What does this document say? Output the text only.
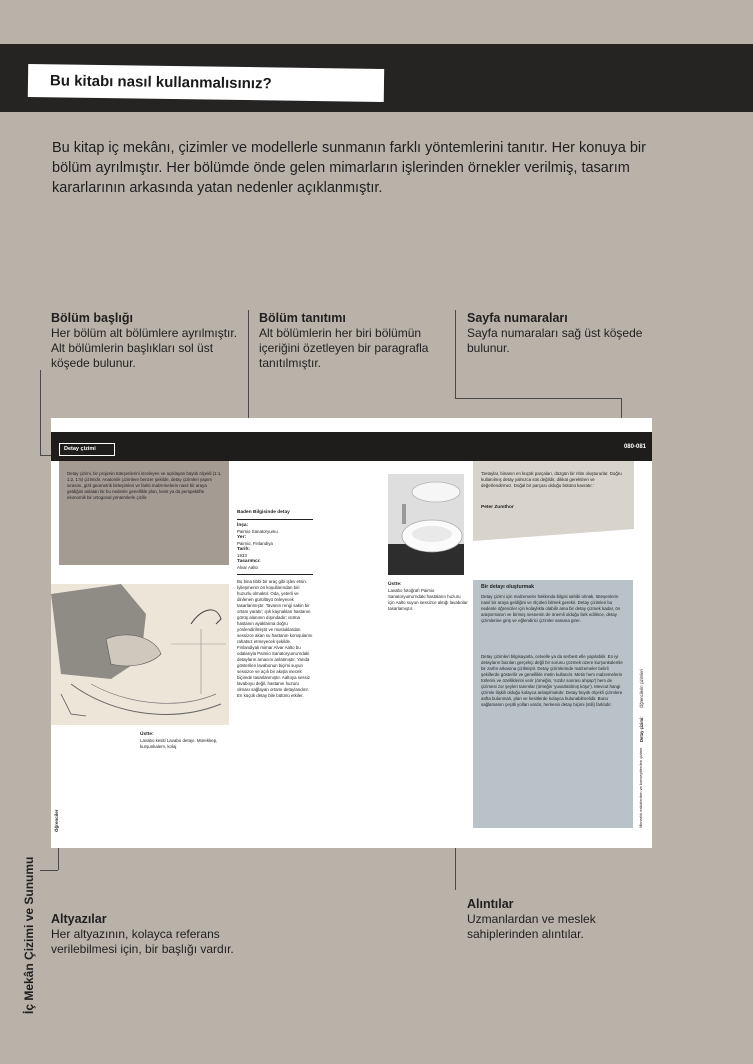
Bu kitabı nasıl kullanmalısınız?
Bu kitap iç mekânı, çizimler ve modellerle sunmanın farklı yöntemlerini tanıtır. Her konuya bir bölüm ayrılmıştır. Her bölümde önde gelen mimarların işlerinden örnekler verilmiş, tasarım kararlarının arkasında yatan nedenler açıklanmıştır.
Bölüm başlığı
Her bölüm alt bölümlere ayrılmıştır. Alt bölümlerin başlıkları sol üst köşede bulunur.
Bölüm tanıtımı
Alt bölümlerin her biri bölümün içeriğini özetleyen bir paragrafla tanıtılmıştır.
Sayfa numaraları
Sayfa numaraları sağ üst köşede bulunur.
Altyazılar
Her altyazının, kolayca referans verilebilmesi için, bir başlığı vardır.
Alıntılar
Uzmanlardan ve meslek sahiplerinden alıntılar.
Detay çizimi	080-081
Detay çizimi, bir projenin tüteşenlerini inceleyen ve açıklayan büyük ölçekli (1:1, 1:2, 1:5) çizimidir. Anatomik çizimlere benzer şekilde, detay çizimleri yapım sırasını, gizli geometrik birleşimleri ve farklı malzemelerin nasıl bir araya geldiğini anlatan bir bu nedenle genellikle plan, kesit ya da perspektifte ekonomik bir ortogonal yöntemlerle çizilir.
Üstte:
Lavabo kesiti Lavabo detayı. Mürekkep, kurşunkalem, kolaj
Baden Bilgisinde detay
İnşa:
Paimio Sanatoryumu
Yer:
Paimio, Finlandiya
Tarih:
1933
Tasarımcı:
Alvar Aalto
Bu bina tıbbi bir araç gibi işlev etsin. İyileşmenin ön koşullarından biri huzurlu olmaktır. Oda, yeterli ve dinlenen gürültüyü önleyecek tasarlanmıştır. Tavanın rengi sakin bir ortam yaratır; ışık kaynakları hastanın görüş alanının dışındadır; ısıtma hastanın ayaklarına doğru yönlendirilmiştir ve musluklardan sessizce akan su hastanın komşularını rahatsız etmeyecek şekilde. Finlandiyalı mimar Alvar Aalto bu odalarıyla Paimio Sanatoryumu'ndaki detayların amacını anlatmıştır. Yanda gösterilen lavabonun biçimi suyun sessizce ve açılı bir akışla inecek biçimde tasarlanmıştır. Aaltoya sessiz lavaboyu değil, hastanın huzuru olması sağlayan ortamı detaylandırır. En küçük detay bile bütünü etkiler.
Üstte:
Lavabo fotoğrafı Paimio Sanatoryumu'ndaki hastaların huzuru için Aalto suyun sessizce aktığı lavabolar tasarlamıştır.
'Detaylar, binanın en küçük parçaları, düzgün bir ritim oluştururlar. Doğru kullanılmış detay yalnızca süs değildir, dikkat gerektiren ve değerlendirmez. Doğal bir parçası olduğu bütünü kavratır.'
Peter Zumthor
Bir detayı oluşturmak
Detay çizimi için malzemeler hakkında bilgisi sahibi olmak, tüteşenlerin nasıl bir araya geldiğini ve ölçüleri bilmek gerekir. Detay çizimleri bu nedenle öğrenciler için kolaylıkla olabilir ama bir detay çizmek kadar, ön araştırmanın ve birimiş nesnenin de önemli olduğu fark edilince, detay çizimlerine giriş ve eğlendirici çizimler arasına girer.
Detay çizimleri bilgisayarla, cetvelle ya da serbest elle yapılabilir. En iyi detayların bazıları gerçekçi değil bir sorunu çözmek üzere kurşunkalemle bir zarfın arkasına çizilmiştir. Detay çizimlerinde malzemeler belirli şekillerde gösterilir ve genellikle metin kullanılır. Metin hem malzemelerin türlerini ve özelliklerini verir (örneğin, 'sızdır sonrası ahşap') hem de çizimesi zor şeyleri tanımlar (örneğin 'yuvarlatılmış köşe'). Mevcut hangi çizimle ilişkili olduğu kolayca anlaşılmalıdır. Detay büyük ölçekli çizimlere atıfta bulunmalı, plan ve kesitlerde kolayca bulunabilmelidir. Bunu sağlamanın çeşitli yolları vardır, herkesin detay biçimi (stili) farklıdır.
Öğrenciler	Mimarlık eskizlerden ve konseptlerden çizime
Detay çizimi:
Öğrencilerin çizimleri
İç Mekân Çizimi ve Sunumu
